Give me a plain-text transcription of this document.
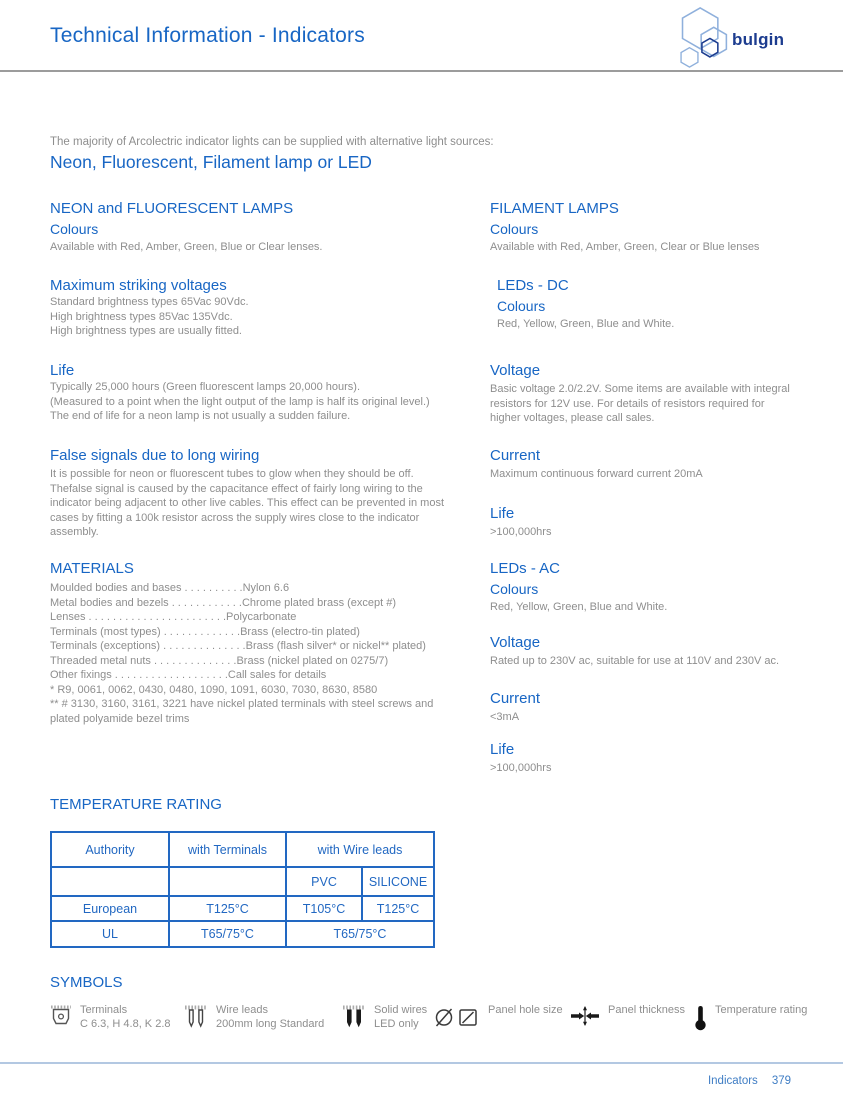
Technical Information - Indicators	bulgin
The majority of Arcolectric indicator lights can be supplied with alternative light sources:
Neon, Fluorescent, Filament lamp or LED
NEON and FLUORESCENT LAMPS
Colours

Available with Red, Amber, Green, Blue or Clear lenses.

Maximum striking voltages
Standard brightness types 65Vac 90Vdc.
High brightness types 85Vac 135Vdc.
High brightness types are usually fitted.
Life
Typically 25,000 hours (Green fluorescent lamps 20,000 hours).
(Measured to a point when the light output of the lamp is half its original level.)
The end of life for a neon lamp is not usually a sudden failure.
False signals due to long wiring

It is possible for neon or fluorescent tubes to glow when they should be off. Thefalse signal is caused by the capacitance effect of fairly long wiring to the indicator being adjacent to other live cables. This effect can be prevented in most cases by fitting a 100k resistor across the supply wires close to the indicator assembly.

MATERIALS
Moulded bodies and bases . . . . . . . . . .Nylon 6.6
Metal bodies and bezels . . . . . . . . . . . .Chrome plated brass (except #)
Lenses . . . . . . . . . . . . . . . . . . . . . . .Polycarbonate
Terminals (most types) . . . . . . . . . . . . .Brass (electro-tin plated)
Terminals (exceptions) . . . . . . . . . . . . . .Brass (flash silver* or nickel** plated)
Threaded metal nuts . . . . . . . . . . . . . .Brass (nickel plated on 0275/7)
Other fixings . . . . . . . . . . . . . . . . . . .Call sales for details
* R9, 0061, 0062, 0430, 0480, 1090, 1091, 6030, 7030, 8630, 8580
** # 3130, 3160, 3161, 3221 have nickel plated terminals with steel screws and plated polyamide bezel trims
FILAMENT LAMPS
Colours

Available with Red, Amber, Green, Clear or Blue lenses

LEDs - DC
Colours

Red, Yellow, Green, Blue and White.

Voltage

Basic voltage 2.0/2.2V. Some items are available with integral resistors for 12V use. For details of resistors required for higher voltages, please call sales.

Current

Maximum continuous forward current 20mA

Life

>100,000hrs

LEDs - AC
Colours

Red, Yellow, Green, Blue and White.

Voltage

Rated up to 230V ac, suitable for use at 110V and 230V ac.

Current

<3mA

Life

>100,000hrs

TEMPERATURE RATING
Authority	with Terminals	with Wire leads	
		PVC	SILICONE
European	T125°C	T105°C	T125°C
UL	T65/75°C	T65/75°C	
SYMBOLS
Terminals
C 6.3, H 4.8, K 2.8
Wire leads
200mm long Standard
Solid wires
LED only
Panel hole size	Panel thickness	Temperature rating
Indicators 379
